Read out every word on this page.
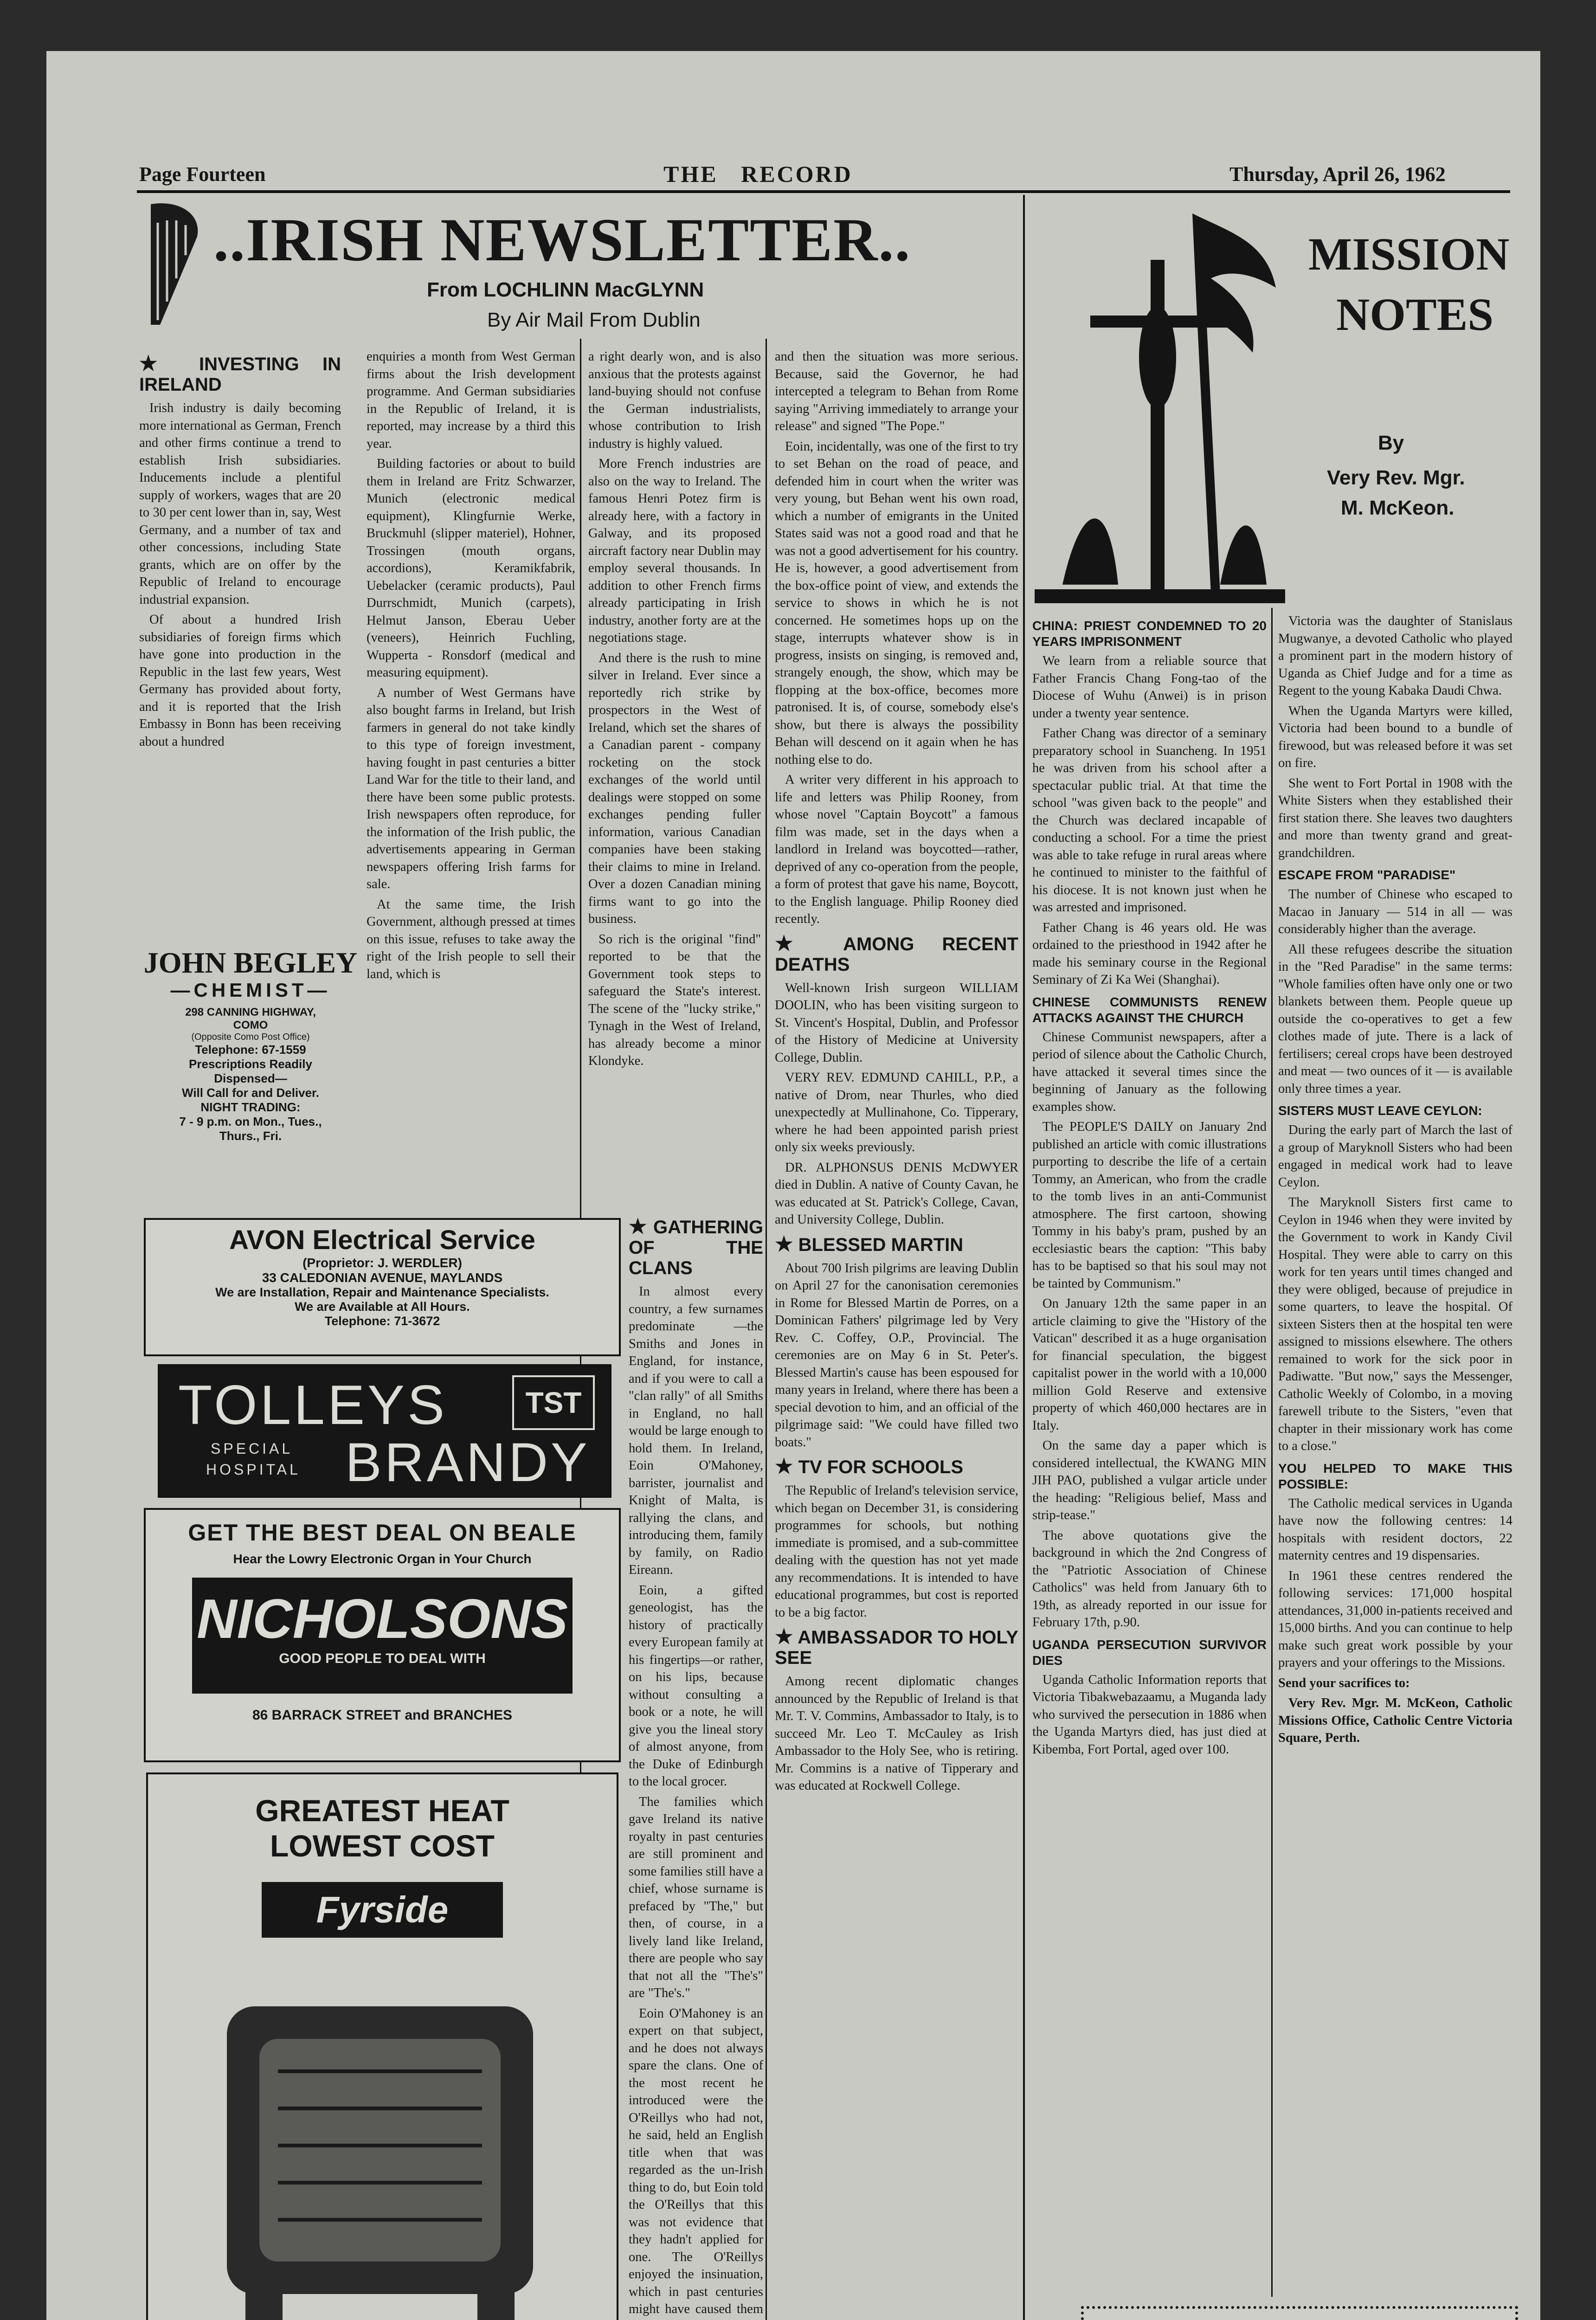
Page Fourteen	THE   RECORD	Thursday, April 26, 1962
..IRISH NEWSLETTER..
From LOCHLINN MacGLYNN
By Air Mail From Dublin
★ INVESTING IN IRELAND

Irish industry is daily becoming more international as German, French and other firms continue a trend to establish Irish subsidiaries. Inducements include a plentiful supply of workers, wages that are 20 to 30 per cent lower than in, say, West Germany, and a number of tax and other concessions, including State grants, which are on offer by the Republic of Ireland to encourage industrial expansion.

Of about a hundred Irish subsidiaries of foreign firms which have gone into production in the Republic in the last few years, West Germany has provided about forty, and it is reported that the Irish Embassy in Bonn has been receiving about a hundred

enquiries a month from West German firms about the Irish development programme. And German subsidiaries in the Republic of Ireland, it is reported, may increase by a third this year.

Building factories or about to build them in Ireland are Fritz Schwarzer, Munich (electronic medical equipment), Klingfurnie Werke, Bruckmuhl (slipper materiel), Hohner, Trossingen (mouth organs, accordions), Keramikfabrik, Uebelacker (ceramic products), Paul Durrschmidt, Munich (carpets), Helmut Janson, Eberau Ueber (veneers), Heinrich Fuchling, Wupperta - Ronsdorf (medical and measuring equipment).

A number of West Germans have also bought farms in Ireland, but Irish farmers in general do not take kindly to this type of foreign investment, having fought in past centuries a bitter Land War for the title to their land, and there have been some public protests. Irish newspapers often reproduce, for the information of the Irish public, the advertisements appearing in German newspapers offering Irish farms for sale.

At the same time, the Irish Government, although pressed at times on this issue, refuses to take away the right of the Irish people to sell their land, which is

JOHN BEGLEY
—CHEMIST—
298 CANNING HIGHWAY,
COMO
(Opposite Como Post Office)
Telephone: 67-1559
Prescriptions Readily
Dispensed—
Will Call for and Deliver.
NIGHT TRADING:
7 - 9 p.m. on Mon., Tues.,
Thurs., Fri.
AVON Electrical Service
(Proprietor: J. WERDLER)
33 CALEDONIAN AVENUE, MAYLANDS
We are Installation, Repair and Maintenance Specialists.
We are Available at All Hours.
Telephone: 71-3672
TOLLEYS	TST
SPECIAL
HOSPITAL BRANDY
GET THE BEST DEAL ON BEALE
Hear the Lowry Electronic Organ in Your Church
NICHOLSONS
GOOD PEOPLE TO DEAL WITH
86 BARRACK STREET and BRANCHES
GREATEST HEAT
LOWEST COST
Fyrside

a right dearly won, and is also anxious that the protests against land-buying should not confuse the German industrialists, whose contribution to Irish industry is highly valued.

More French industries are also on the way to Ireland. The famous Henri Potez firm is already here, with a factory in Galway, and its proposed aircraft factory near Dublin may employ several thousands. In addition to other French firms already participating in Irish industry, another forty are at the negotiations stage.

And there is the rush to mine silver in Ireland. Ever since a reportedly rich strike by prospectors in the West of Ireland, which set the shares of a Canadian parent - company rocketing on the stock exchanges of the world until dealings were stopped on some exchanges pending fuller information, various Canadian companies have been staking their claims to mine in Ireland. Over a dozen Canadian mining firms want to go into the business.

So rich is the original "find" reported to be that the Government took steps to safeguard the State's interest. The scene of the "lucky strike," Tynagh in the West of Ireland, has already become a minor Klondyke.

★ GATHERING OF THE CLANS

In almost every country, a few surnames predominate —the Smiths and Jones in England, for instance, and if you were to call a "clan rally" of all Smiths in England, no hall would be large enough to hold them. In Ireland, Eoin O'Mahoney, barrister, journalist and Knight of Malta, is rallying the clans, and introducing them, family by family, on Radio Eireann.

Eoin, a gifted geneologist, has the history of practically every European family at his fingertips—or rather, on his lips, because without consulting a book or a note, he will give you the lineal story of almost anyone, from the Duke of Edinburgh to the local grocer.

The families which gave Ireland its native royalty in past centuries are still prominent and some families still have a chief, whose surname is prefaced by "The," but then, of course, in a lively land like Ireland, there are people who say that not all the "The's" are "The's."

Eoin O'Mahoney is an expert on that subject, and he does not always spare the clans. One of the most recent he introduced were the O'Reillys who had not, he said, held an English title when that was regarded as the un-Irish thing to do, but Eoin told the O'Reillys that this was not evidence that they hadn't applied for one. The O'Reillys enjoyed the insinuation, which in past centuries might have caused them

and then the situation was more serious. Because, said the Governor, he had intercepted a telegram to Behan from Rome saying "Arriving immediately to arrange your release" and signed "The Pope."

Eoin, incidentally, was one of the first to try to set Behan on the road of peace, and defended him in court when the writer was very young, but Behan went his own road, which a number of emigrants in the United States said was not a good road and that he was not a good advertisement for his country. He is, however, a good advertisement from the box-office point of view, and extends the service to shows in which he is not concerned. He sometimes hops up on the stage, interrupts whatever show is in progress, insists on singing, is removed and, strangely enough, the show, which may be flopping at the box-office, becomes more patronised. It is, of course, somebody else's show, but there is always the possibility Behan will descend on it again when he has nothing else to do.

A writer very different in his approach to life and letters was Philip Rooney, from whose novel "Captain Boycott" a famous film was made, set in the days when a landlord in Ireland was boycotted—rather, deprived of any co-operation from the people, a form of protest that gave his name, Boycott, to the English language. Philip Rooney died recently.

★ AMONG RECENT DEATHS

Well-known Irish surgeon WILLIAM DOOLIN, who has been visiting surgeon to St. Vincent's Hospital, Dublin, and Professor of the History of Medicine at University College, Dublin.

VERY REV. EDMUND CAHILL, P.P., a native of Drom, near Thurles, who died unexpectedly at Mullinahone, Co. Tipperary, where he had been appointed parish priest only six weeks previously.

DR. ALPHONSUS DENIS McDWYER died in Dublin. A native of County Cavan, he was educated at St. Patrick's College, Cavan, and University College, Dublin.

★ BLESSED MARTIN

About 700 Irish pilgrims are leaving Dublin on April 27 for the canonisation ceremonies in Rome for Blessed Martin de Porres, on a Dominican Fathers' pilgrimage led by Very Rev. C. Coffey, O.P., Provincial. The ceremonies are on May 6 in St. Peter's. Blessed Martin's cause has been espoused for many years in Ireland, where there has been a special devotion to him, and an official of the pilgrimage said: "We could have filled two boats."

★ TV FOR SCHOOLS

The Republic of Ireland's television service, which began on December 31, is considering programmes for schools, but nothing immediate is promised, and a sub-committee dealing with the question has not yet made any recommendations. It is intended to have educational programmes, but cost is reported to be a big factor.

★ AMBASSADOR TO HOLY SEE

Among recent diplomatic changes announced by the Republic of Ireland is that Mr. T. V. Commins, Ambassador to Italy, is to succeed Mr. Leo T. McCauley as Irish Ambassador to the Holy See, who is retiring. Mr. Commins is a native of Tipperary and was educated at Rockwell College.

MISSION
NOTES
By
Very Rev. Mgr.
M. McKeon.
CHINA: PRIEST CONDEMNED TO 20 YEARS IMPRISONMENT

We learn from a reliable source that Father Francis Chang Fong-tao of the Diocese of Wuhu (Anwei) is in prison under a twenty year sentence.

Father Chang was director of a seminary preparatory school in Suancheng. In 1951 he was driven from his school after a spectacular public trial. At that time the school "was given back to the people" and the Church was declared incapable of conducting a school. For a time the priest was able to take refuge in rural areas where he continued to minister to the faithful of his diocese. It is not known just when he was arrested and imprisoned.

Father Chang is 46 years old. He was ordained to the priesthood in 1942 after he made his seminary course in the Regional Seminary of Zi Ka Wei (Shanghai).

CHINESE COMMUNISTS RENEW ATTACKS AGAINST THE CHURCH

Chinese Communist newspapers, after a period of silence about the Catholic Church, have attacked it several times since the beginning of January as the following examples show.

The PEOPLE'S DAILY on January 2nd published an article with comic illustrations purporting to describe the life of a certain Tommy, an American, who from the cradle to the tomb lives in an anti-Communist atmosphere. The first cartoon, showing Tommy in his baby's pram, pushed by an ecclesiastic bears the caption: "This baby has to be baptised so that his soul may not be tainted by Communism."

On January 12th the same paper in an article claiming to give the "History of the Vatican" described it as a huge organisation for financial speculation, the biggest capitalist power in the world with a 10,000 million Gold Reserve and extensive property of which 460,000 hectares are in Italy.

On the same day a paper which is considered intellectual, the KWANG MIN JIH PAO, published a vulgar article under the heading: "Religious belief, Mass and strip-tease."

The above quotations give the background in which the 2nd Congress of the "Patriotic Association of Chinese Catholics" was held from January 6th to 19th, as already reported in our issue for February 17th, p.90.

UGANDA PERSECUTION SURVIVOR DIES

Uganda Catholic Information reports that Victoria Tibakwebazaamu, a Muganda lady who survived the persecution in 1886 when the Uganda Martyrs died, has just died at Kibemba, Fort Portal, aged over 100.

Victoria was the daughter of Stanislaus Mugwanye, a devoted Catholic who played a prominent part in the modern history of Uganda as Chief Judge and for a time as Regent to the young Kabaka Daudi Chwa.

When the Uganda Martyrs were killed, Victoria had been bound to a bundle of firewood, but was released before it was set on fire.

She went to Fort Portal in 1908 with the White Sisters when they established their first station there. She leaves two daughters and more than twenty grand and great-grandchildren.

ESCAPE FROM "PARADISE"

The number of Chinese who escaped to Macao in January — 514 in all — was considerably higher than the average.

All these refugees describe the situation in the "Red Paradise" in the same terms: "Whole families often have only one or two blankets between them. People queue up outside the co-operatives to get a few clothes made of jute. There is a lack of fertilisers; cereal crops have been destroyed and meat — two ounces of it — is available only three times a year.

SISTERS MUST LEAVE CEYLON:

During the early part of March the last of a group of Maryknoll Sisters who had been engaged in medical work had to leave Ceylon.

The Maryknoll Sisters first came to Ceylon in 1946 when they were invited by the Government to work in Kandy Civil Hospital. They were able to carry on this work for ten years until times changed and they were obliged, because of prejudice in some quarters, to leave the hospital. Of sixteen Sisters then at the hospital ten were assigned to missions elsewhere. The others remained to work for the sick poor in Padiwatte. "But now," says the Messenger, Catholic Weekly of Colombo, in a moving farewell tribute to the Sisters, "even that chapter in their missionary work has come to a close."

YOU HELPED TO MAKE THIS POSSIBLE:

The Catholic medical services in Uganda have now the following centres: 14 hospitals with resident doctors, 22 maternity centres and 19 dispensaries.

In 1961 these centres rendered the following services: 171,000 hospital attendances, 31,000 in-patients received and 15,000 births. And you can continue to help make such great work possible by your prayers and your offerings to the Missions.

Send your sacrifices to:

Very Rev. Mgr. M. McKeon, Catholic Missions Office, Catholic Centre Victoria Square, Perth.
